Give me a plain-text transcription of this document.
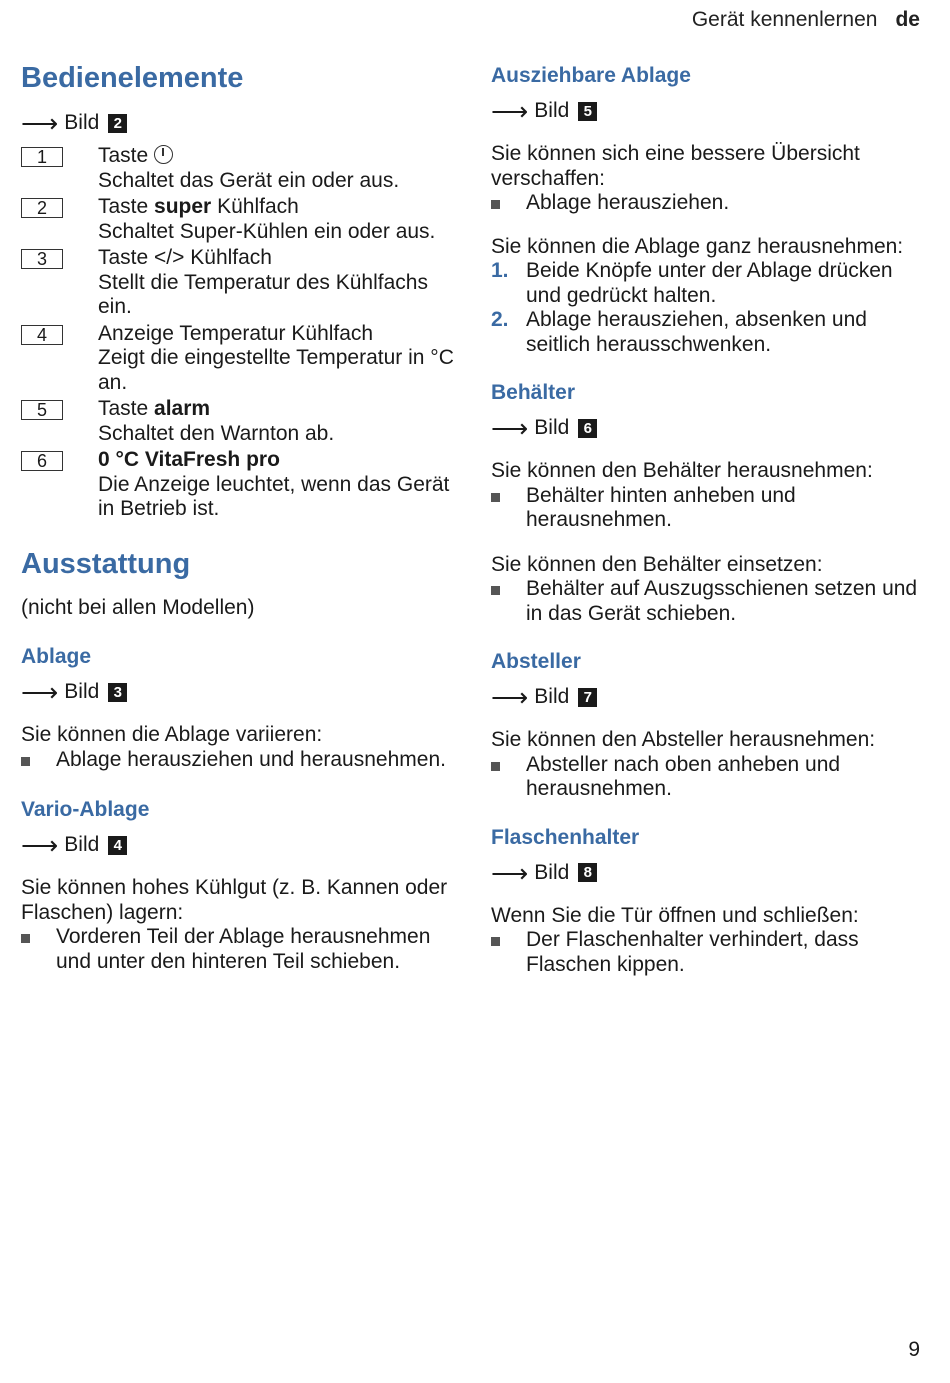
Gerät kennenlernen de
Bedienelemente
⟶ Bild 2
1	Taste
Schaltet das Gerät ein oder aus.
2	Taste super Kühlfach
Schaltet Super-Kühlen ein oder aus.
3	Taste </> Kühlfach
Stellt die Temperatur des Kühlfachs ein.
4	Anzeige Temperatur Kühlfach
Zeigt die eingestellte Temperatur in °C an.
5	Taste alarm
Schaltet den Warnton ab.
6	0 °C VitaFresh pro
Die Anzeige leuchtet, wenn das Gerät in Betrieb ist.
Ausstattung

(nicht bei allen Modellen)

Ablage
⟶ Bild 3

Sie können die Ablage variieren:

Ablage herausziehen und herausnehmen.
Vario-Ablage
⟶ Bild 4

Sie können hohes Kühlgut (z. B. Kannen oder Flaschen) lagern:

Vorderen Teil der Ablage herausnehmen und unter den hinteren Teil schieben.
Ausziehbare Ablage
⟶ Bild 5

Sie können sich eine bessere Übersicht verschaffen:

Ablage herausziehen.

Sie können die Ablage ganz herausnehmen:

1. Beide Knöpfe unter der Ablage drücken und gedrückt halten.
2. Ablage herausziehen, absenken und seitlich herausschwenken.
Behälter
⟶ Bild 6

Sie können den Behälter herausnehmen:

Behälter hinten anheben und herausnehmen.

Sie können den Behälter einsetzen:

Behälter auf Auszugsschienen setzen und in das Gerät schieben.
Absteller
⟶ Bild 7

Sie können den Absteller herausnehmen:

Absteller nach oben anheben und herausnehmen.
Flaschenhalter
⟶ Bild 8

Wenn Sie die Tür öffnen und schließen:

Der Flaschenhalter verhindert, dass Flaschen kippen.
9
